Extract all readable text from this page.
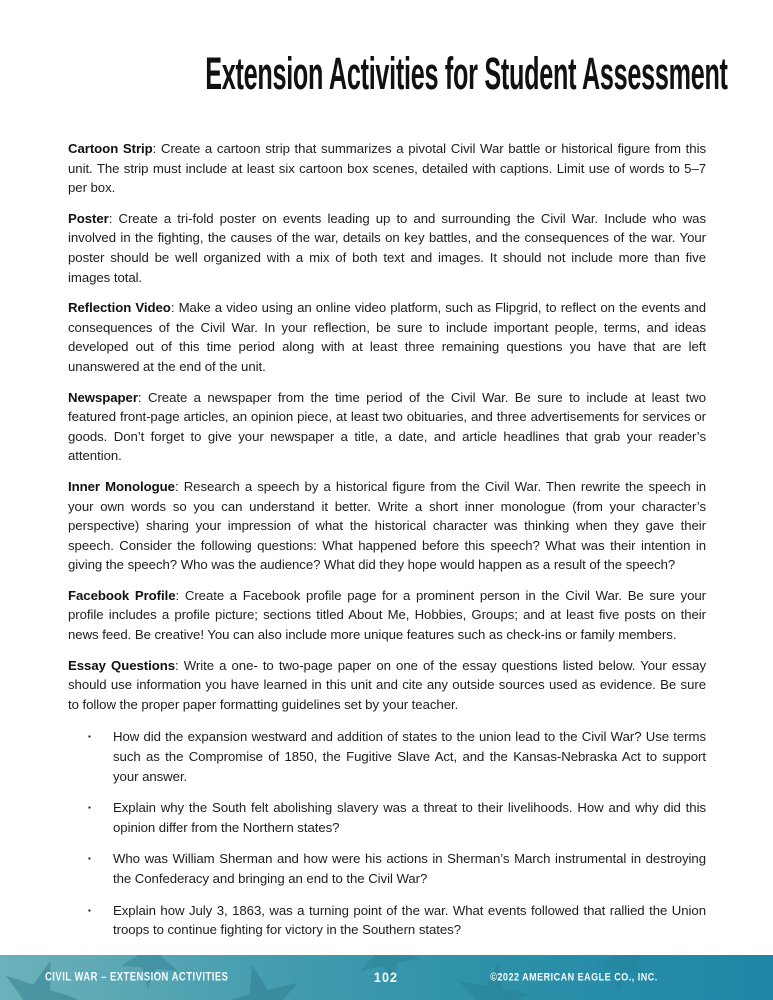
Extension Activities for Student Assessment

Cartoon Strip: Create a cartoon strip that summarizes a pivotal Civil War battle or historical figure from this unit. The strip must include at least six cartoon box scenes, detailed with captions. Limit use of words to 5–7 per box.

Poster: Create a tri-fold poster on events leading up to and surrounding the Civil War. Include who was involved in the fighting, the causes of the war, details on key battles, and the consequences of the war. Your poster should be well organized with a mix of both text and images. It should not include more than five images total.

Reflection Video: Make a video using an online video platform, such as Flipgrid, to reflect on the events and consequences of the Civil War. In your reflection, be sure to include important people, terms, and ideas developed out of this time period along with at least three remaining questions you have that are left unanswered at the end of the unit.

Newspaper: Create a newspaper from the time period of the Civil War. Be sure to include at least two featured front-page articles, an opinion piece, at least two obituaries, and three advertisements for services or goods. Don’t forget to give your newspaper a title, a date, and article headlines that grab your reader’s attention.

Inner Monologue: Research a speech by a historical figure from the Civil War. Then rewrite the speech in your own words so you can understand it better. Write a short inner monologue (from your character’s perspective) sharing your impression of what the historical character was thinking when they gave their speech. Consider the following questions: What happened before this speech? What was their intention in giving the speech? Who was the audience? What did they hope would happen as a result of the speech?

Facebook Profile: Create a Facebook profile page for a prominent person in the Civil War. Be sure your profile includes a profile picture; sections titled About Me, Hobbies, Groups; and at least five posts on their news feed. Be creative! You can also include more unique features such as check-ins or family members.

Essay Questions: Write a one- to two-page paper on one of the essay questions listed below. Your essay should use information you have learned in this unit and cite any outside sources used as evidence. Be sure to follow the proper paper formatting guidelines set by your teacher.

▪	How did the expansion westward and addition of states to the union lead to the Civil War? Use terms such as the Compromise of 1850, the Fugitive Slave Act, and the Kansas-Nebraska Act to support your answer.
▪	Explain why the South felt abolishing slavery was a threat to their livelihoods. How and why did this opinion differ from the Northern states?
▪	Who was William Sherman and how were his actions in Sherman’s March instrumental in destroying the Confederacy and bringing an end to the Civil War?
▪	Explain how July 3, 1863, was a turning point of the war. What events followed that rallied the Union troops to continue fighting for victory in the Southern states?
CIVIL WAR – EXTENSION ACTIVITIES	102	©2022 AMERICAN EAGLE CO., INC.
